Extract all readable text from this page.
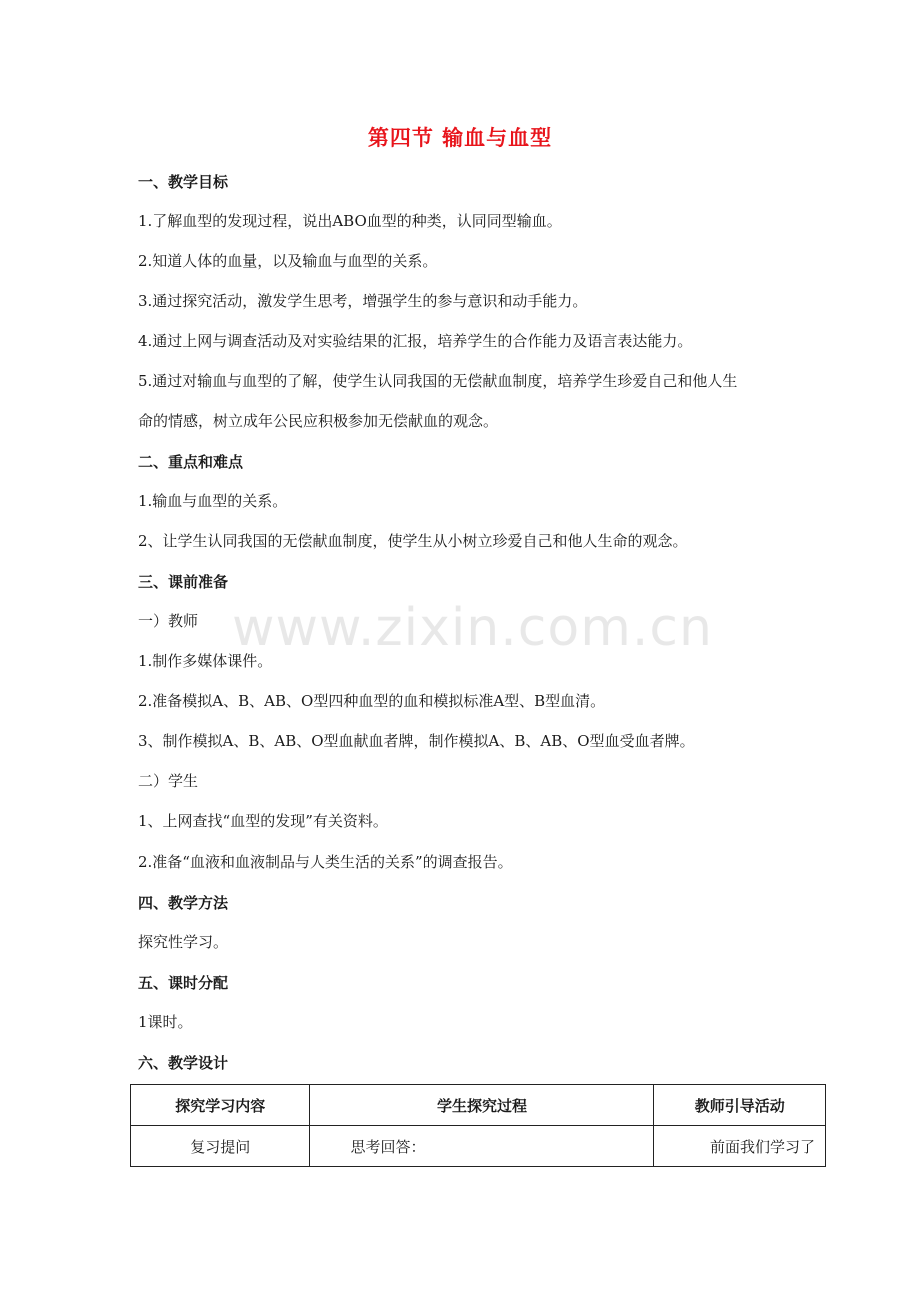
第四节 输血与血型
一、教学目标
1.了解血型的发现过程，说出ABO血型的种类，认同同型输血。
2.知道人体的血量，以及输血与血型的关系。
3.通过探究活动，激发学生思考，增强学生的参与意识和动手能力。
4.通过上网与调查活动及对实验结果的汇报，培养学生的合作能力及语言表达能力。
5.通过对输血与血型的了解，使学生认同我国的无偿献血制度，培养学生珍爱自己和他人生
命的情感，树立成年公民应积极参加无偿献血的观念。
二、重点和难点
1.输血与血型的关系。
2、让学生认同我国的无偿献血制度，使学生从小树立珍爱自己和他人生命的观念。
三、课前准备
一）教师
1.制作多媒体课件。
2.准备模拟A、B、AB、O型四种血型的血和模拟标准A型、B型血清。
3、制作模拟A、B、AB、O型血献血者牌，制作模拟A、B、AB、O型血受血者牌。
二）学生
1、上网查找“血型的发现”有关资料。
2.准备“血液和血液制品与人类生活的关系”的调查报告。
四、教学方法
探究性学习。
五、课时分配
1课时。
六、教学设计
www.zixin.com.cn
探究学习内容	学生探究过程	教师引导活动
复习提问	思考回答：	前面我们学习了
